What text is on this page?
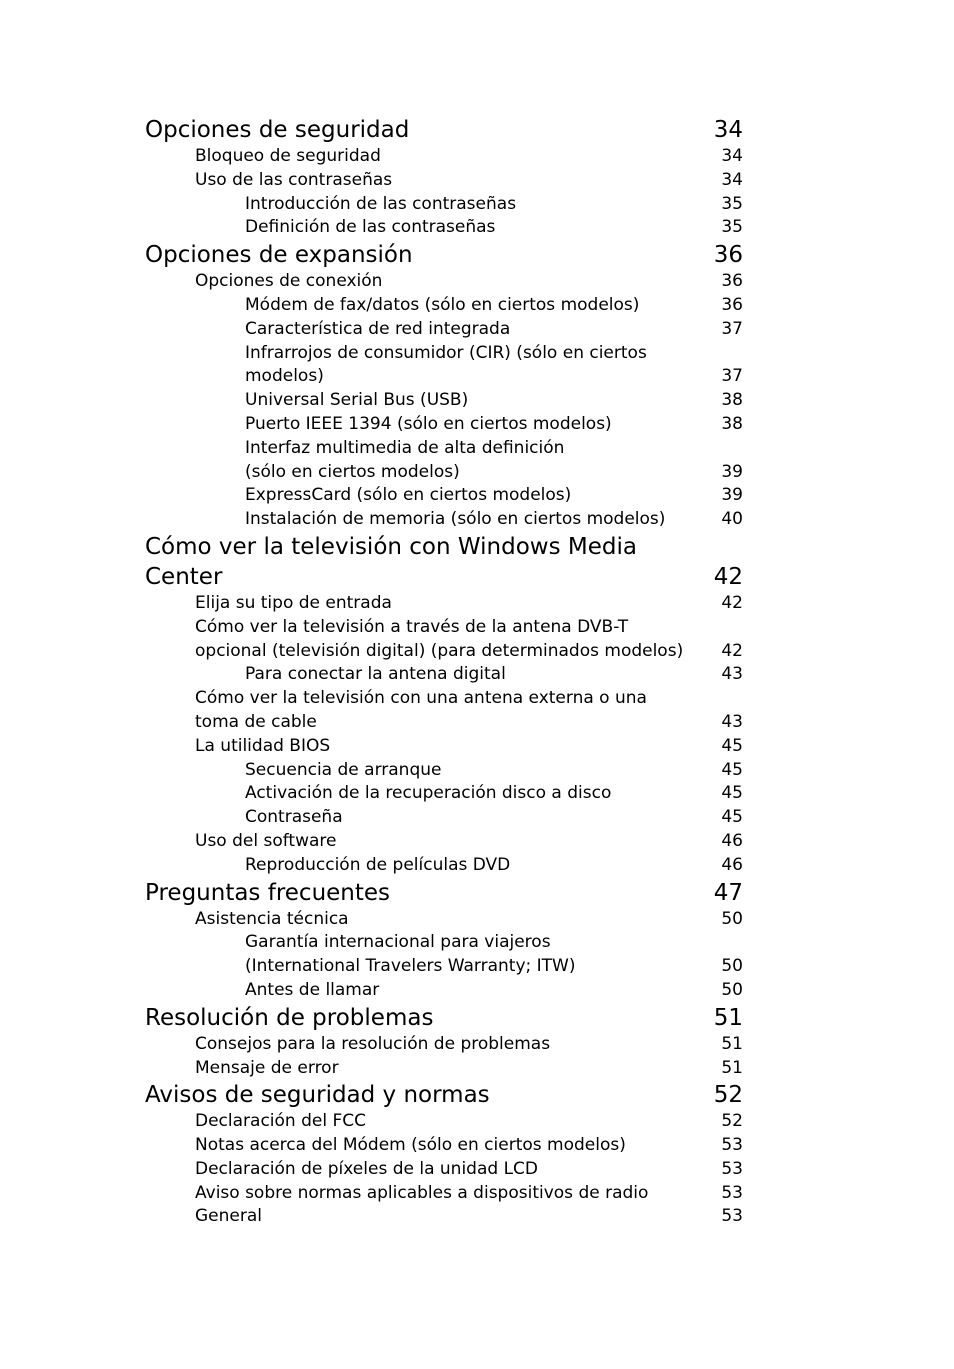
Opciones de seguridad	34
Bloqueo de seguridad	34
Uso de las contraseñas	34
Introducción de las contraseñas	35
Definición de las contraseñas	35
Opciones de expansión	36
Opciones de conexión	36
Módem de fax/datos (sólo en ciertos modelos)	36
Característica de red integrada	37
Infrarrojos de consumidor (CIR) (sólo en ciertos
modelos)	37
Universal Serial Bus (USB)	38
Puerto IEEE 1394 (sólo en ciertos modelos)	38
Interfaz multimedia de alta definición
(sólo en ciertos modelos)	39
ExpressCard (sólo en ciertos modelos)	39
Instalación de memoria (sólo en ciertos modelos)	40
Cómo ver la televisión con Windows Media
Center	42
Elija su tipo de entrada	42
Cómo ver la televisión a través de la antena DVB-T
opcional (televisión digital) (para determinados modelos)	42
Para conectar la antena digital	43
Cómo ver la televisión con una antena externa o una
toma de cable	43
La utilidad BIOS	45
Secuencia de arranque	45
Activación de la recuperación disco a disco	45
Contraseña	45
Uso del software	46
Reproducción de películas DVD	46
Preguntas frecuentes	47
Asistencia técnica	50
Garantía internacional para viajeros
(International Travelers Warranty; ITW)	50
Antes de llamar	50
Resolución de problemas	51
Consejos para la resolución de problemas	51
Mensaje de error	51
Avisos de seguridad y normas	52
Declaración del FCC	52
Notas acerca del Módem (sólo en ciertos modelos)	53
Declaración de píxeles de la unidad LCD	53
Aviso sobre normas aplicables a dispositivos de radio	53
General	53
